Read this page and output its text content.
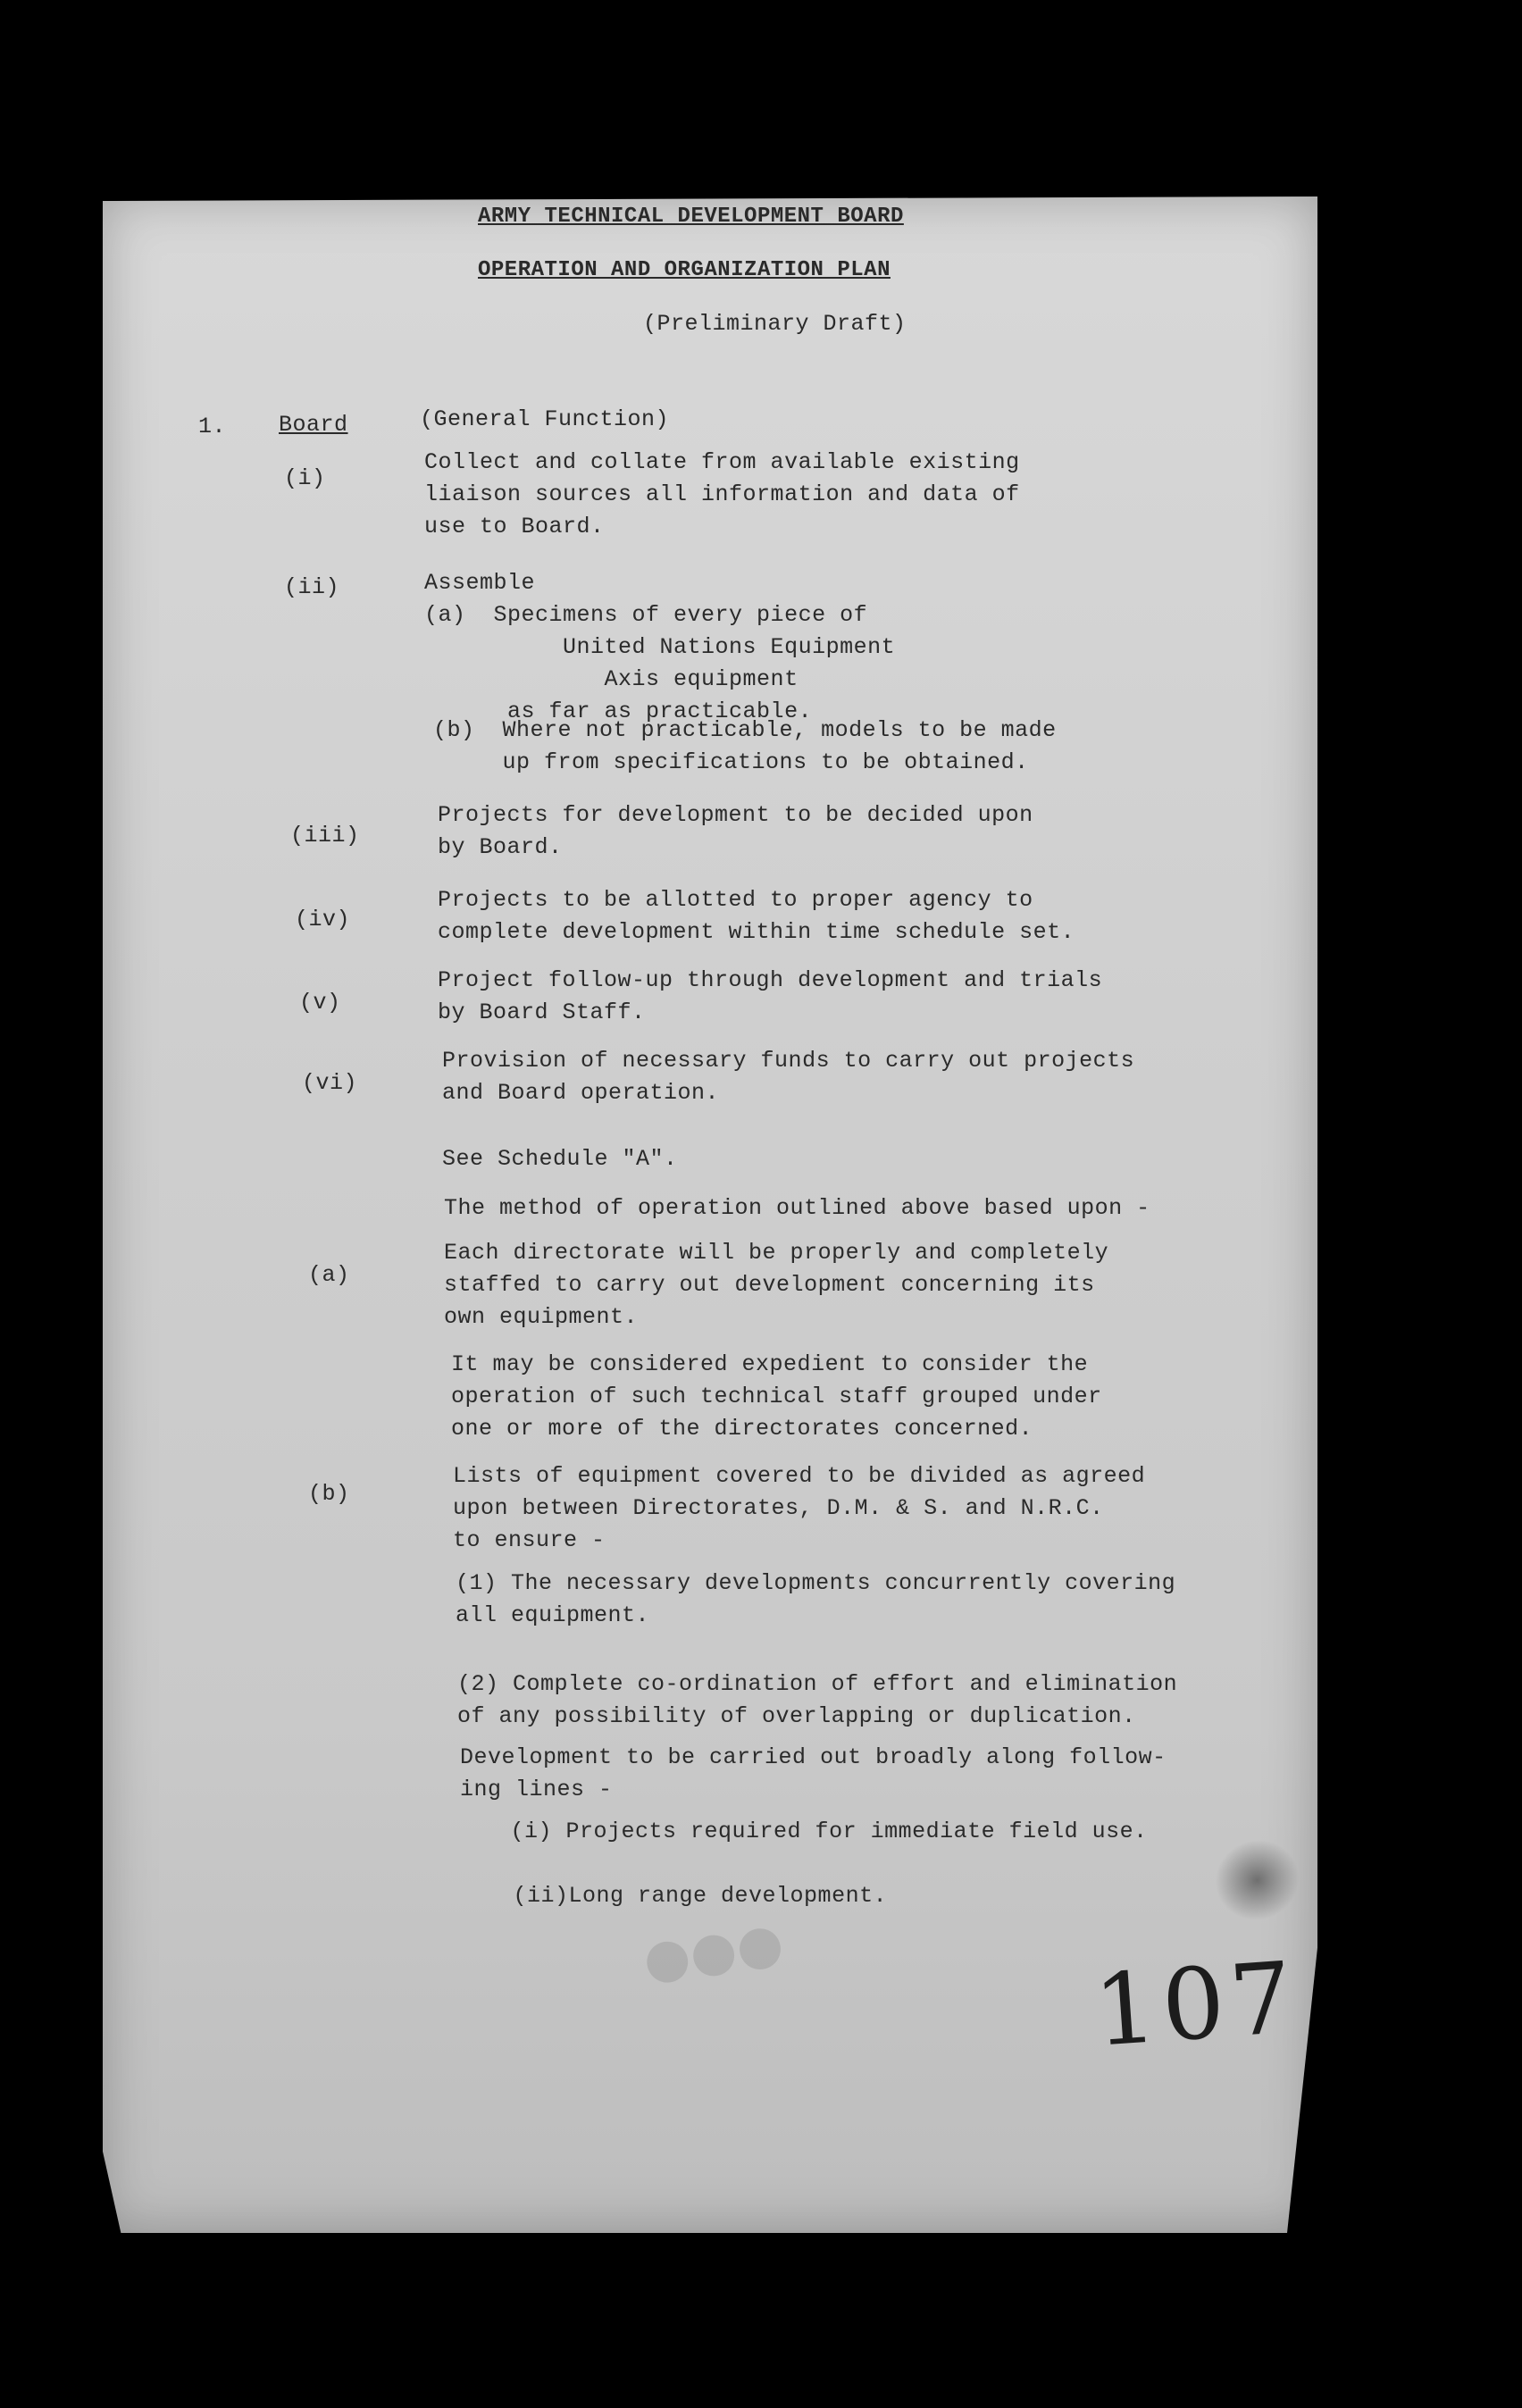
ARMY TECHNICAL DEVELOPMENT BOARD
OPERATION AND ORGANIZATION PLAN
(Preliminary Draft)
1. Board	(General Function)
(i)
Collect and collate from available existing
liaison sources all information and data of
use to Board.
(ii)	Assemble
(a)  Specimens of every piece of
United Nations Equipment
Axis equipment
as far as practicable.
(b)  Where not practicable, models to be made
up from specifications to be obtained.
(iii)
Projects for development to be decided upon
by Board.
(iv)
Projects to be allotted to proper agency to
complete development within time schedule set.
(v)
Project follow-up through development and trials
by Board Staff.
(vi)
Provision of necessary funds to carry out projects
and Board operation.
See Schedule "A".
The method of operation outlined above based upon -
(a)
Each directorate will be properly and completely
staffed to carry out development concerning its
own equipment.
It may be considered expedient to consider the
operation of such technical staff grouped under
one or more of the directorates concerned.
(b)
Lists of equipment covered to be divided as agreed
upon between Directorates, D.M. & S. and N.R.C.
to ensure -
(1) The necessary developments concurrently covering
all equipment.
(2) Complete co-ordination of effort and elimination
of any possibility of overlapping or duplication.
Development to be carried out broadly along follow-
ing lines -
(i) Projects required for immediate field use.
(ii)Long range development.
●●●	107
